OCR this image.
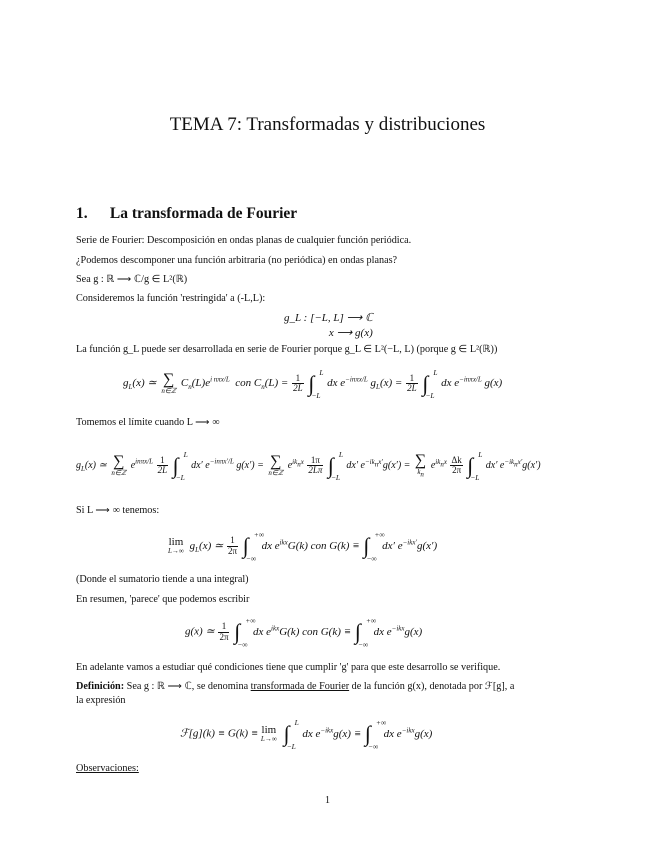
TEMA 7: Transformadas y distribuciones
1. La transformada de Fourier
Serie de Fourier: Descomposición en ondas planas de cualquier función periódica.
¿Podemos descomponer una función arbitraria (no periódica) en ondas planas?
Sea g : ℝ ⟶ ℂ/g ∈ L²(ℝ)
Consideremos la función 'restringida' a (-L,L):
g_L : [−L, L] ⟶ ℂ
x ⟶ g(x)
La función g_L puede ser desarrollada en serie de Fourier porque g_L ∈ L²(−L, L) (porque g ∈ L²(ℝ))
$g_L(x)$ ≃ ∑
n∈ℤ
$C_n(L)e^{i n\pi x/L}$  con $C_n(L) = \frac{1}{2L}$ ∫ L
−L
dx $e^{-in\pi x/L}$ $g_L(x) = \frac{1}{2L}$ ∫ L
−L
dx $e^{-in\pi x/L}$ g(x)
Tomemos el límite cuando L ⟶ ∞
$g_L(x)$ ≃ ∑
n∈ℤ
$e^{in\pi x/L} \frac{1}{2L}$ ∫ L
−L
dx′ $e^{-in\pi x'/L}$ g(x′) = ∑
n∈ℤ
$e^{ik_nx} \frac{1\pi}{2L\pi}$ ∫ L
−L
dx′ $e^{-ik_nx'}g(x')$ = ∑
$k_n$
$e^{ik_nx} \frac{\Delta k}{2\pi}$ ∫ L
−L
dx′ $e^{-ik_nx'}g(x')$
Si L ⟶ ∞ tenemos:
lim
L→∞ $g_L(x)$ ≃ $\frac{1}{2\pi}$ ∫ +∞
−∞
dx $e^{ikx}G(k)$ con G(k) ≡ ∫ +∞
−∞
dx′ $e^{-ikx'}g(x')$
(Donde el sumatorio tiende a una integral)
En resumen, 'parece' que podemos escribir
g(x) ≃ $\frac{1}{2\pi}$ ∫ +∞
−∞
dx $e^{ikx}G(k)$ con G(k) ≡ ∫ +∞
−∞
dx $e^{-ikx}g(x)$
En adelante vamos a estudiar qué condiciones tiene que cumplir 'g' para que este desarrollo se verifique.
Definición: Sea g : ℝ ⟶ ℂ, se denomina transformada de Fourier de la función g(x), denotada por ℱ[g], a
la expresión
ℱ[g](k) ≡ G(k) ≡ lim
L→∞ ∫ L
−L
dx $e^{-ikx}g(x)$ ≡ ∫ +∞
−∞
dx $e^{-ikx}g(x)$
Observaciones:
1
